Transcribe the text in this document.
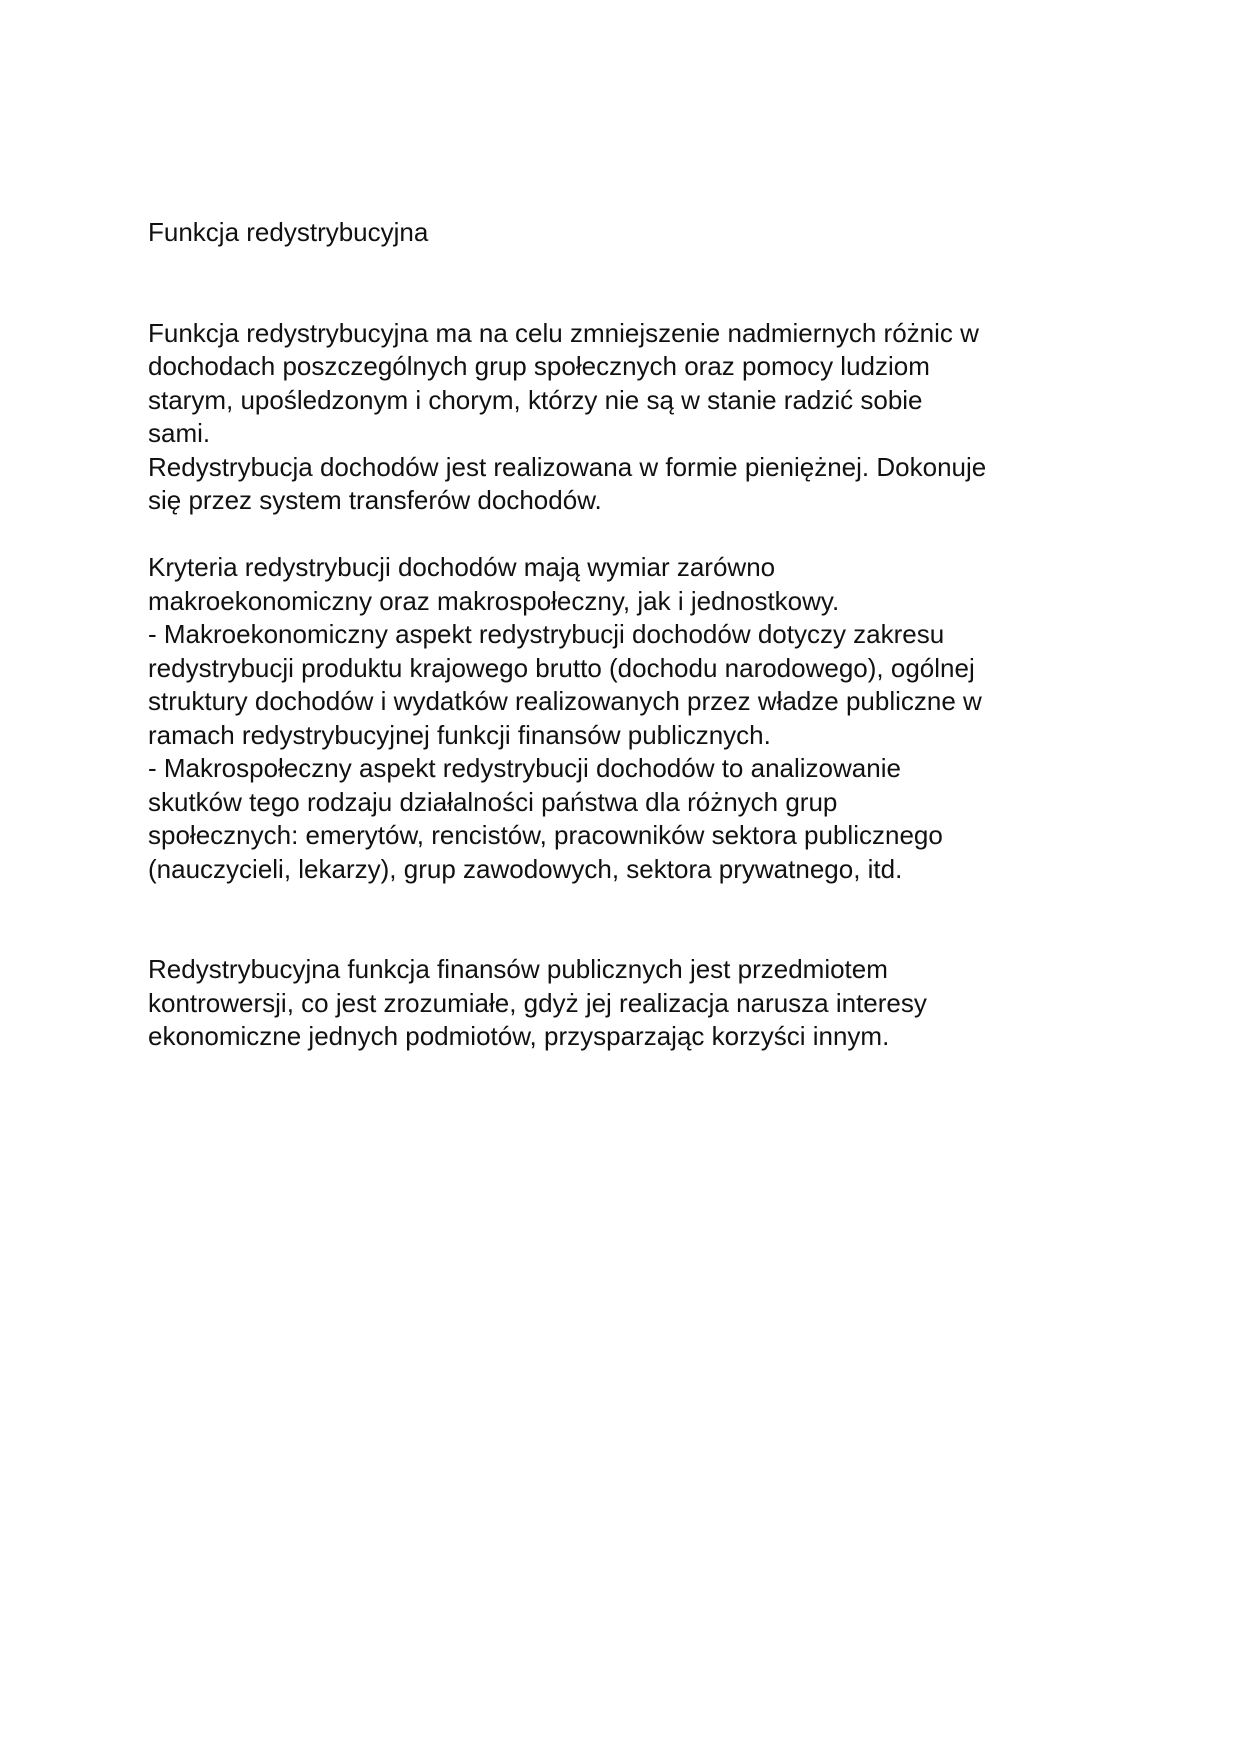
Funkcja redystrybucyjna

Funkcja redystrybucyjna ma na celu zmniejszenie nadmiernych różnic w
dochodach poszczególnych grup społecznych oraz pomocy ludziom
starym, upośledzonym i chorym, którzy nie są w stanie radzić sobie
sami.
Redystrybucja dochodów jest realizowana w formie pieniężnej. Dokonuje
się przez system transferów dochodów.

Kryteria redystrybucji dochodów mają wymiar zarówno
makroekonomiczny oraz makrospołeczny, jak i jednostkowy.
- Makroekonomiczny aspekt redystrybucji dochodów dotyczy zakresu
redystrybucji produktu krajowego brutto (dochodu narodowego), ogólnej
struktury dochodów i wydatków realizowanych przez władze publiczne w
ramach redystrybucyjnej funkcji finansów publicznych.
- Makrospołeczny aspekt redystrybucji dochodów to analizowanie
skutków tego rodzaju działalności państwa dla różnych grup
społecznych: emerytów, rencistów, pracowników sektora publicznego
(nauczycieli, lekarzy), grup zawodowych, sektora prywatnego, itd.

Redystrybucyjna funkcja finansów publicznych jest przedmiotem
kontrowersji, co jest zrozumiałe, gdyż jej realizacja narusza interesy
ekonomiczne jednych podmiotów, przysparzając korzyści innym.
